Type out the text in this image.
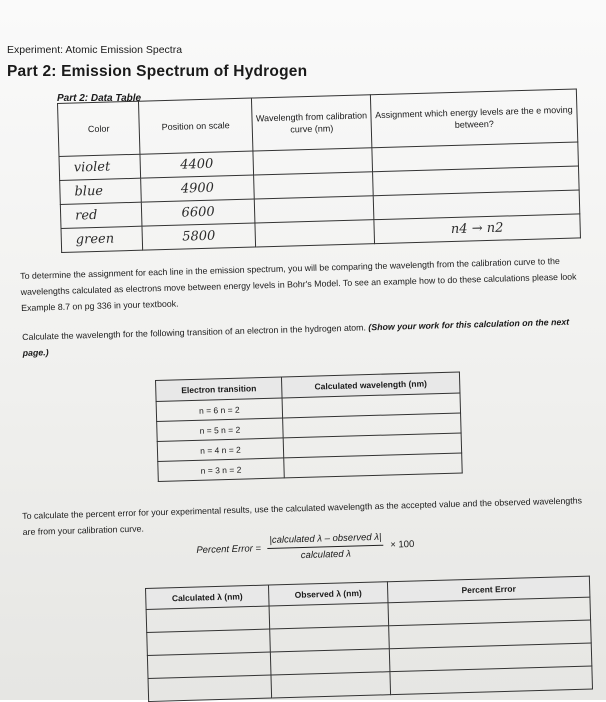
Experiment: Atomic Emission Spectra
Part 2: Emission Spectrum of Hydrogen
Part 2: Data Table
Color	Position on scale	Wavelength from calibration curve (nm)	Assignment which energy levels are the e moving between?
violet	4400		
blue	4900		
red	6600		
green	5800		n4 → n2
To determine the assignment for each line in the emission spectrum, you will be comparing the wavelength from the calibration curve to the wavelengths calculated as electrons move between energy levels in Bohr's Model. To see an example how to do these calculations please look Example 8.7 on pg 336 in your textbook.
Calculate the wavelength for the following transition of an electron in the hydrogen atom. (Show your work for this calculation on the next page.)
Electron transition	Calculated wavelength (nm)
n = 6 n = 2	
n = 5 n = 2	
n = 4 n = 2	
n = 3 n = 2	
To calculate the percent error for your experimental results, use the calculated wavelength as the accepted value and the observed wavelengths are from your calibration curve.
Percent Error = $\frac{\text{|calculated λ – observed λ|}}{\text{calculated λ}} \times 100$
Calculated λ (nm)	Observed λ (nm)	Percent Error
